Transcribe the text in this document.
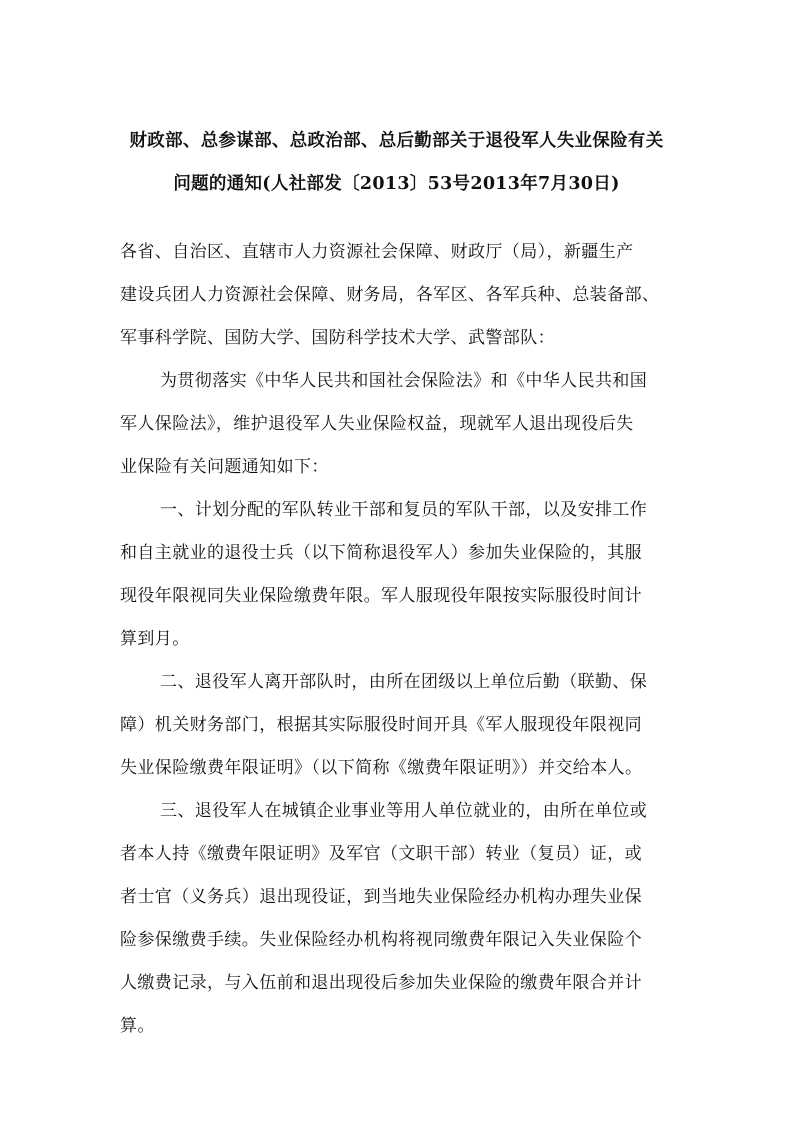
财政部、总参谋部、总政治部、总后勤部关于退役军人失业保险有关
问题的通知(人社部发〔2013〕53号2013年7月30日)
各省、自治区、直辖市人力资源社会保障、财政厅（局），新疆生产
建设兵团人力资源社会保障、财务局，各军区、各军兵种、总装备部、
军事科学院、国防大学、国防科学技术大学、武警部队：
为贯彻落实《中华人民共和国社会保险法》和《中华人民共和国
军人保险法》，维护退役军人失业保险权益，现就军人退出现役后失
业保险有关问题通知如下：
一、计划分配的军队转业干部和复员的军队干部，以及安排工作
和自主就业的退役士兵（以下简称退役军人）参加失业保险的，其服
现役年限视同失业保险缴费年限。军人服现役年限按实际服役时间计
算到月。
二、退役军人离开部队时，由所在团级以上单位后勤（联勤、保
障）机关财务部门，根据其实际服役时间开具《军人服现役年限视同
失业保险缴费年限证明》（以下简称《缴费年限证明》）并交给本人。
三、退役军人在城镇企业事业等用人单位就业的，由所在单位或
者本人持《缴费年限证明》及军官（文职干部）转业（复员）证，或
者士官（义务兵）退出现役证，到当地失业保险经办机构办理失业保
险参保缴费手续。失业保险经办机构将视同缴费年限记入失业保险个
人缴费记录，与入伍前和退出现役后参加失业保险的缴费年限合并计
算。
